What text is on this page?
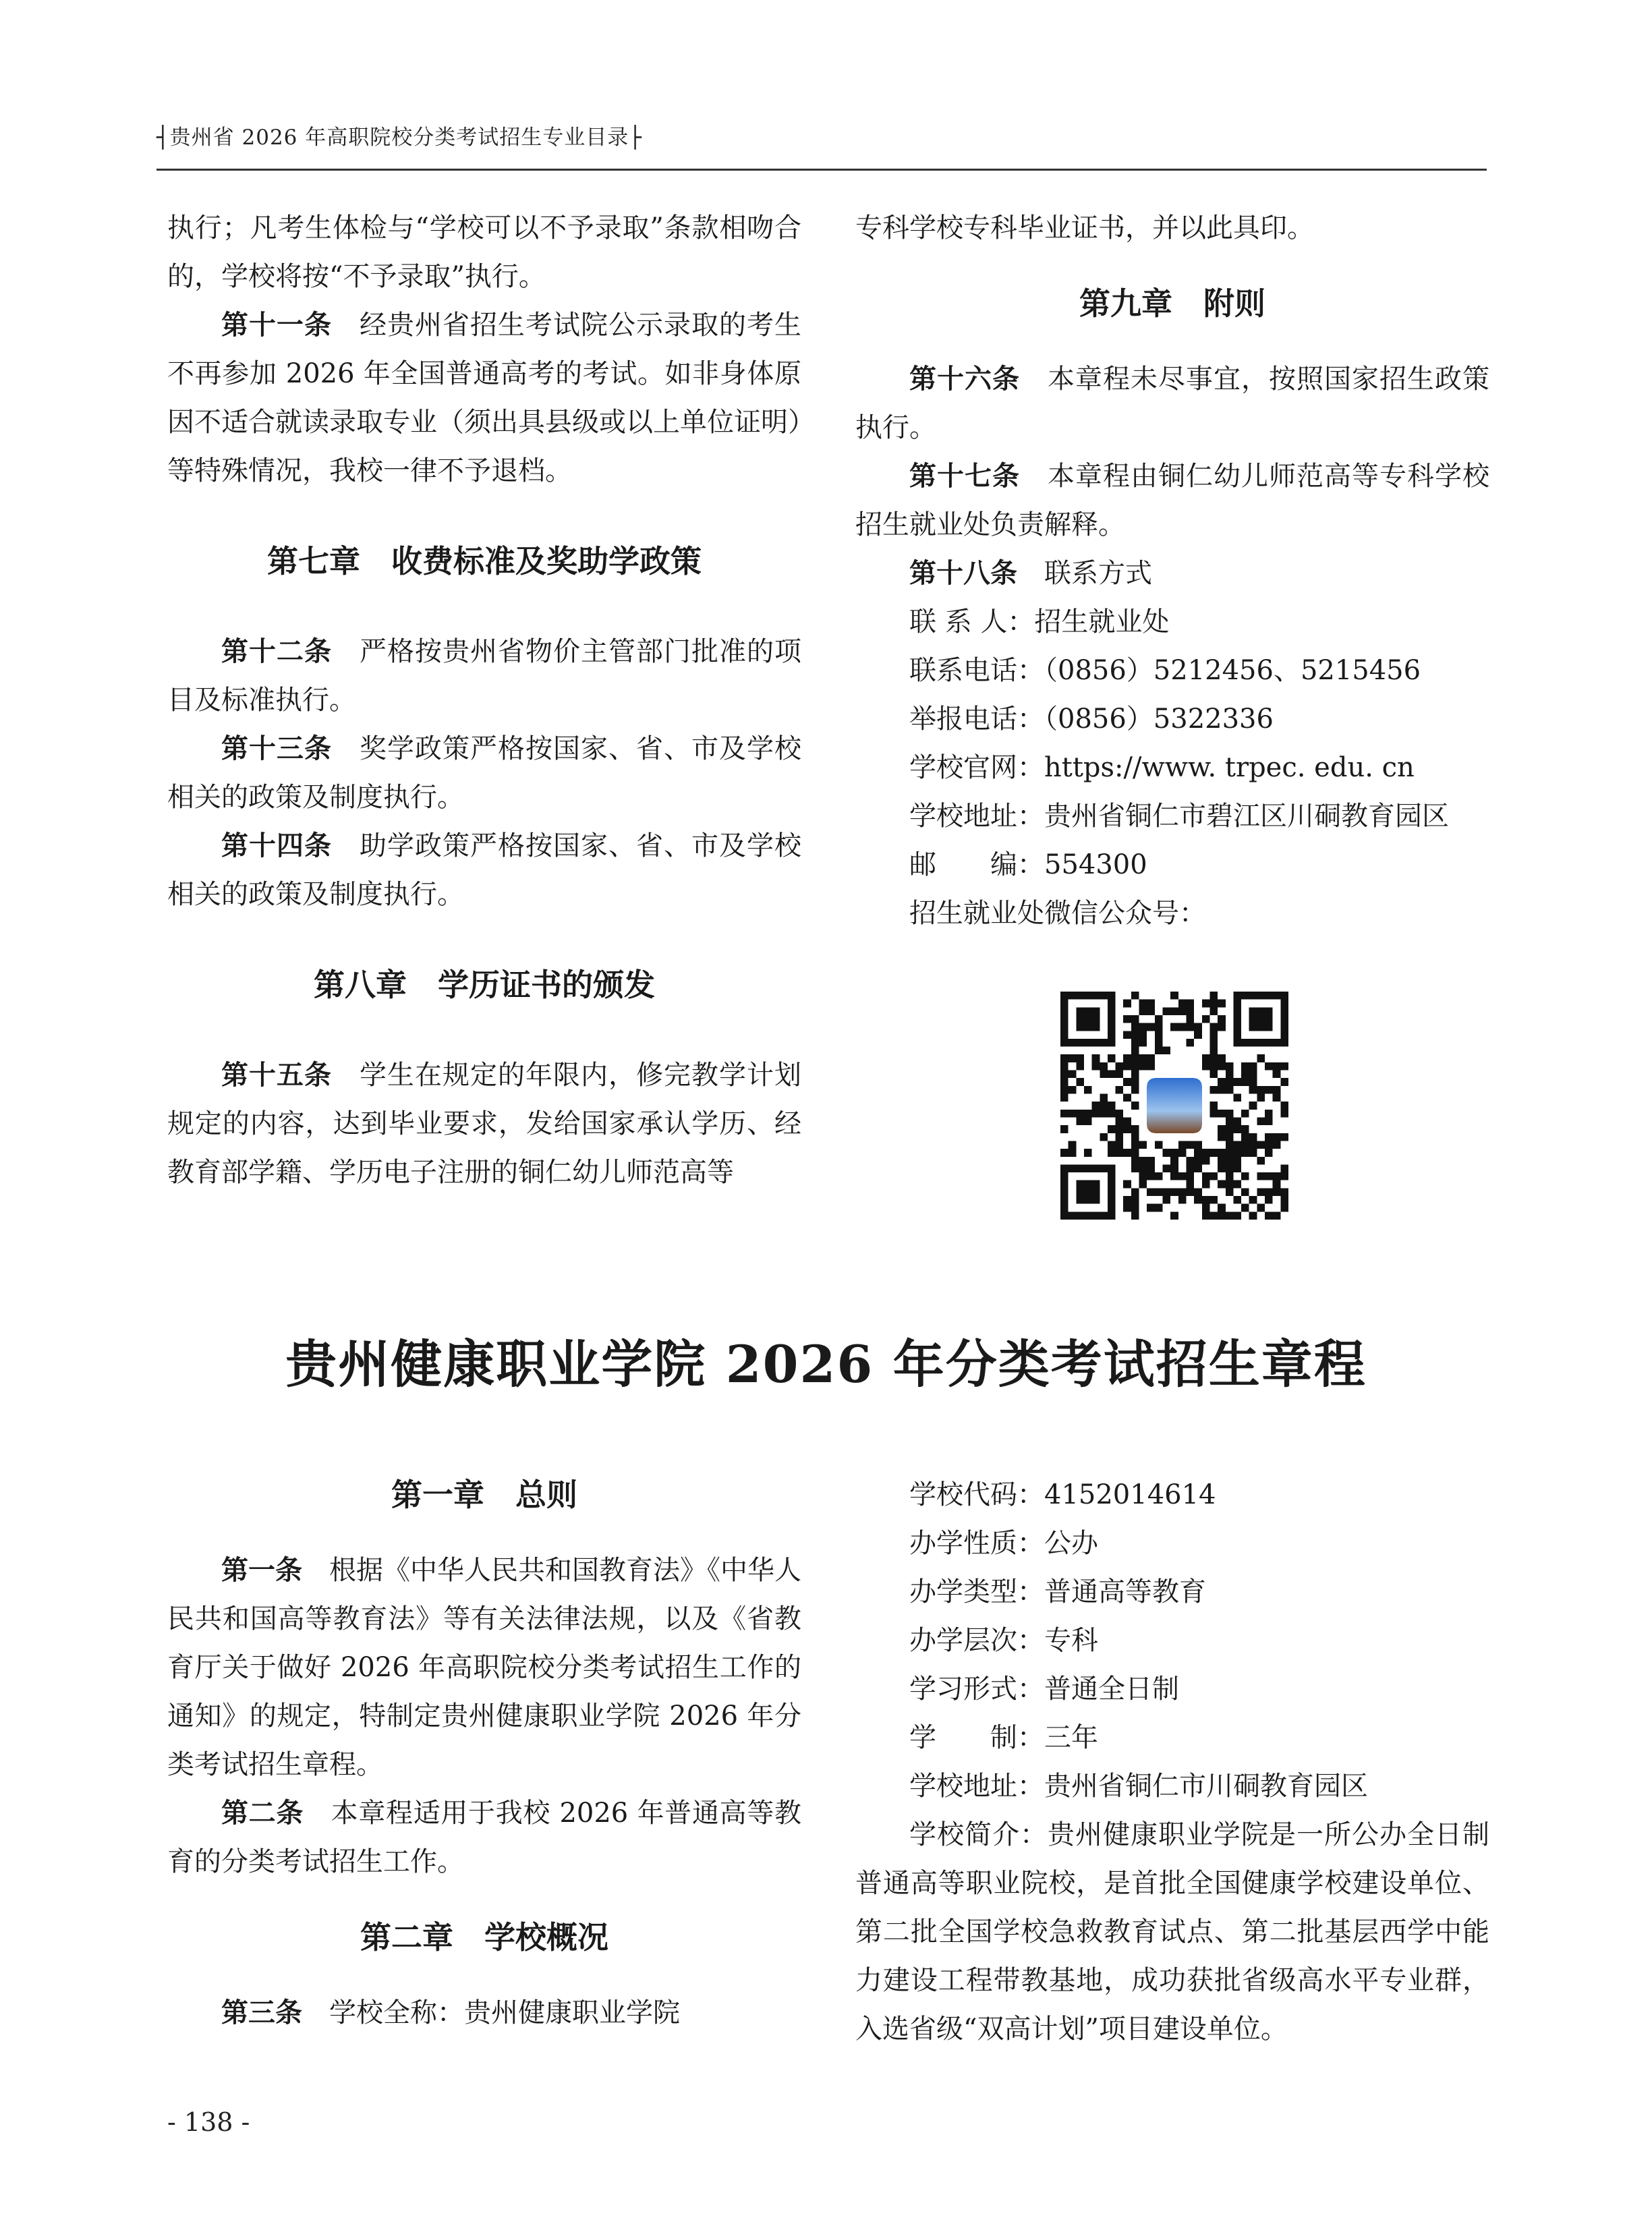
┤贵州省 2026 年高职院校分类考试招生专业目录├

执行；凡考生体检与“学校可以不予录取”条款相吻合的，学校将按“不予录取”执行。

第十一条　经贵州省招生考试院公示录取的考生不再参加 2026 年全国普通高考的考试。如非身体原因不适合就读录取专业（须出具县级或以上单位证明）等特殊情况，我校一律不予退档。

第七章　收费标准及奖助学政策

第十二条　严格按贵州省物价主管部门批准的项目及标准执行。

第十三条　奖学政策严格按国家、省、市及学校相关的政策及制度执行。

第十四条　助学政策严格按国家、省、市及学校相关的政策及制度执行。

第八章　学历证书的颁发

第十五条　学生在规定的年限内，修完教学计划规定的内容，达到毕业要求，发给国家承认学历、经教育部学籍、学历电子注册的铜仁幼儿师范高等

专科学校专科毕业证书，并以此具印。

第九章　附则

第十六条　本章程未尽事宜，按照国家招生政策执行。

第十七条　本章程由铜仁幼儿师范高等专科学校招生就业处负责解释。

第十八条　联系方式

联 系 人：招生就业处

联系电话：（0856）5212456、5215456

举报电话：（0856）5322336

学校官网：https://www. trpec. edu. cn

学校地址：贵州省铜仁市碧江区川硐教育园区

邮　　编：554300

招生就业处微信公众号：

贵州健康职业学院 2026 年分类考试招生章程
第一章　总则

第一条　根据《中华人民共和国教育法》《中华人民共和国高等教育法》等有关法律法规，以及《省教育厅关于做好 2026 年高职院校分类考试招生工作的通知》的规定，特制定贵州健康职业学院 2026 年分类考试招生章程。

第二条　本章程适用于我校 2026 年普通高等教育的分类考试招生工作。

第二章　学校概况

第三条　学校全称：贵州健康职业学院

学校代码：4152014614

办学性质：公办

办学类型：普通高等教育

办学层次：专科

学习形式：普通全日制

学　　制：三年

学校地址：贵州省铜仁市川硐教育园区

学校简介：贵州健康职业学院是一所公办全日制普通高等职业院校，是首批全国健康学校建设单位、第二批全国学校急救教育试点、第二批基层西学中能力建设工程带教基地，成功获批省级高水平专业群，入选省级“双高计划”项目建设单位。

- 138 -
